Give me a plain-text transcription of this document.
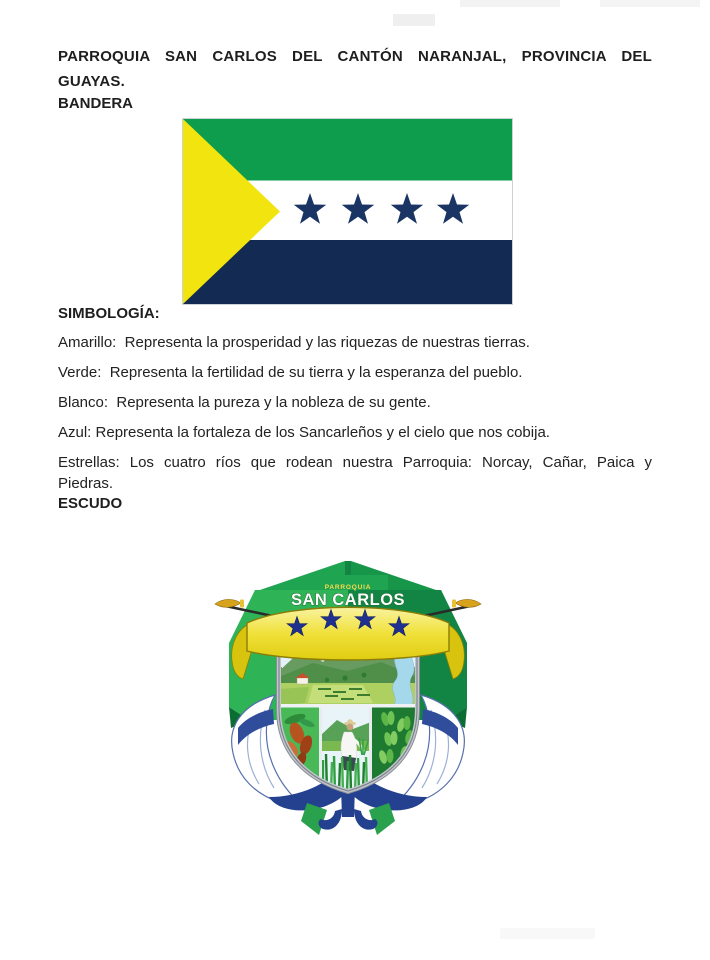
PARROQUIA SAN CARLOS DEL CANTÓN NARANJAL, PROVINCIA DEL
GUAYAS.
BANDERA
SIMBOLOGÍA:
Amarillo:  Representa la prosperidad y las riquezas de nuestras tierras.
Verde:  Representa la fertilidad de su tierra y la esperanza del pueblo.
Blanco:  Representa la pureza y la nobleza de su gente.
Azul: Representa la fortaleza de los Sancarleños y el cielo que nos cobija.
Estrellas: Los cuatro ríos que rodean nuestra Parroquia: Norcay, Cañar, Paica y
Piedras.
ESCUDO
PARROQUIA
SAN CARLOS
